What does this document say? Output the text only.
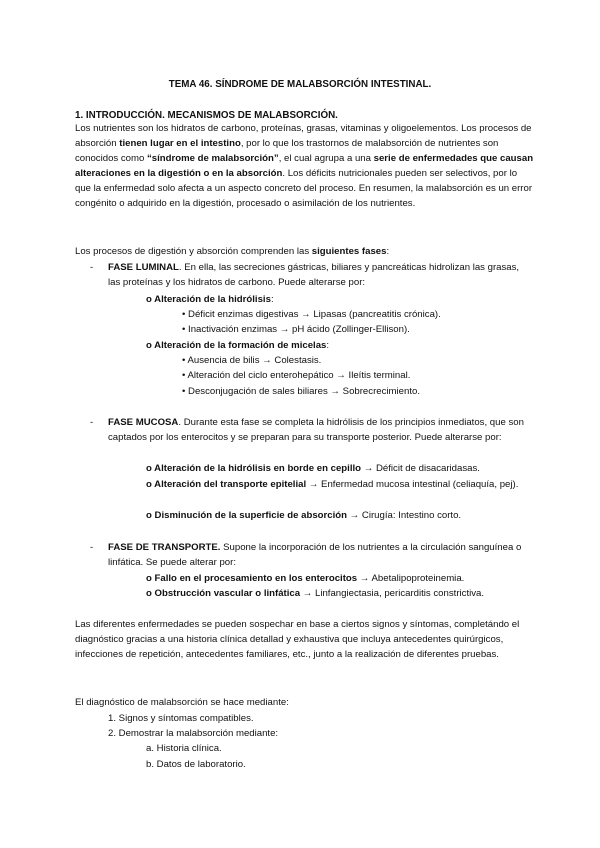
TEMA 46. SÍNDROME DE MALABSORCIÓN INTESTINAL.
1. INTRODUCCIÓN. MECANISMOS DE MALABSORCIÓN.

Los nutrientes son los hidratos de carbono, proteínas, grasas, vitaminas y oligoelementos. Los procesos de absorción tienen lugar en el intestino, por lo que los trastornos de malabsorción de nutrientes son conocidos como “síndrome de malabsorción”, el cual agrupa a una serie de enfermedades que causan alteraciones en la digestión o en la absorción. Los déficits nutricionales pueden ser selectivos, por lo que la enfermedad solo afecta a un aspecto concreto del proceso. En resumen, la malabsorción es un error congénito o adquirido en la digestión, procesado o asimilación de los nutrientes.

Los procesos de digestión y absorción comprenden las siguientes fases:
- FASE LUMINAL. En ella, las secreciones gástricas, biliares y pancreáticas hidrolizan las grasas, las proteínas y los hidratos de carbono. Puede alterarse por:
o Alteración de la hidrólisis:
• Déficit enzimas digestivas → Lipasas (pancreatitis crónica).
• Inactivación enzimas → pH ácido (Zollinger-Ellison).
o Alteración de la formación de micelas:
• Ausencia de bilis → Colestasis.
• Alteración del ciclo enterohepático → Ileítis terminal.
• Desconjugación de sales biliares → Sobrecrecimiento.
- FASE MUCOSA. Durante esta fase se completa la hidrólisis de los principios inmediatos, que son captados por los enterocitos y se preparan para su transporte posterior. Puede alterarse por:
o Alteración de la hidrólisis en borde en cepillo → Déficit de disacaridasas.
o Alteración del transporte epitelial → Enfermedad mucosa intestinal (celiaquía, pej).
o Disminución de la superficie de absorción → Cirugía: Intestino corto.
- FASE DE TRANSPORTE. Supone la incorporación de los nutrientes a la circulación sanguínea o linfática. Se puede alterar por:
o Fallo en el procesamiento en los enterocitos → Abetalipoproteinemia.
o Obstrucción vascular o linfática → Linfangiectasia, pericarditis constrictiva.
Las diferentes enfermedades se pueden sospechar en base a ciertos signos y síntomas, completándo el diagnóstico gracias a una historia clínica detallad y exhaustiva que incluya antecedentes quirúrgicos, infecciones de repetición, antecedentes familiares, etc., junto a la realización de diferentes pruebas.
El diagnóstico de malabsorción se hace mediante:
1. Signos y síntomas compatibles.
2. Demostrar la malabsorción mediante:
a. Historia clínica.
b. Datos de laboratorio.
